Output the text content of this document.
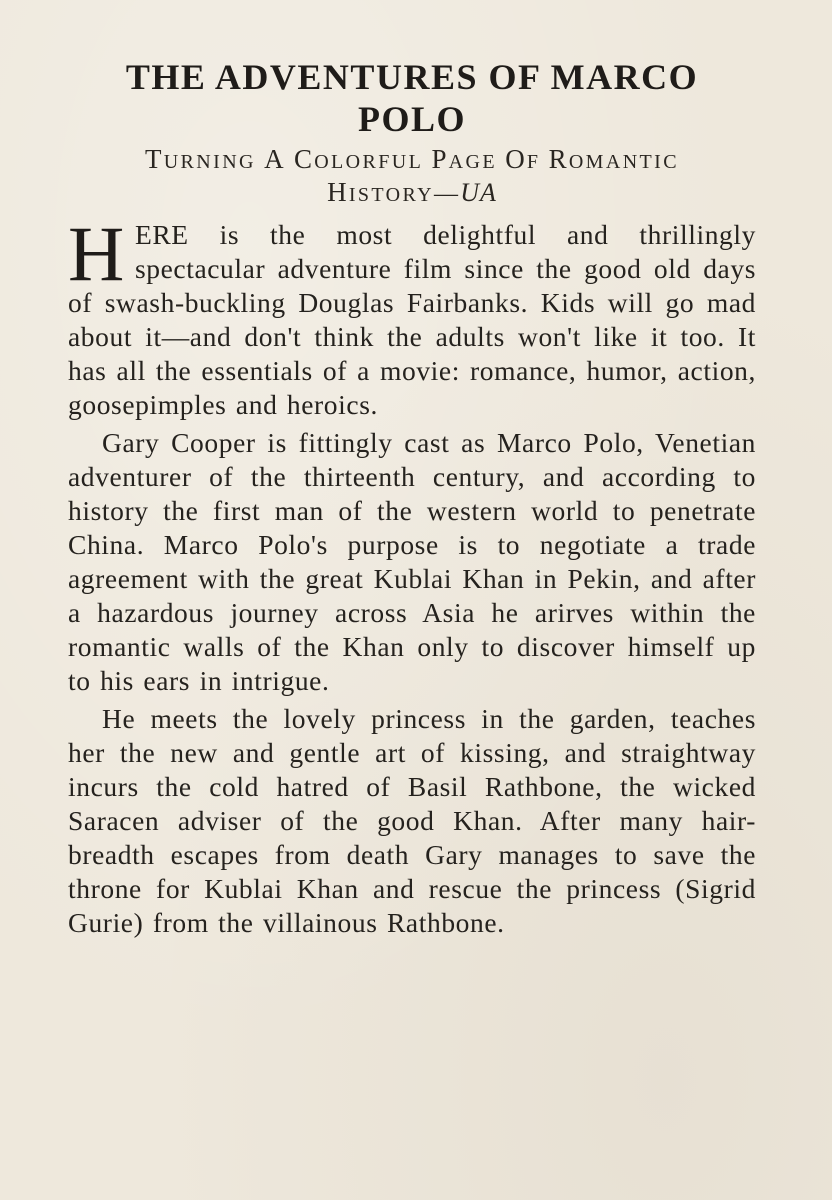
THE ADVENTURES OF MARCO POLO
TURNING A COLORFUL PAGE OF ROMANTIC
HISTORY—UA

HERE is the most delightful and thrillingly spectacular adventure film since the good old days of swash-buckling Douglas Fairbanks. Kids will go mad about it—and don't think the adults won't like it too. It has all the essentials of a movie: romance, humor, action, goosepimples and heroics.

Gary Cooper is fittingly cast as Marco Polo, Venetian adventurer of the thirteenth century, and according to history the first man of the western world to penetrate China. Marco Polo's purpose is to negotiate a trade agreement with the great Kublai Khan in Pekin, and after a hazardous journey across Asia he arirves within the romantic walls of the Khan only to discover himself up to his ears in intrigue.

He meets the lovely princess in the garden, teaches her the new and gentle art of kissing, and straightway incurs the cold hatred of Basil Rathbone, the wicked Saracen adviser of the good Khan. After many hair-breadth escapes from death Gary manages to save the throne for Kublai Khan and rescue the princess (Sigrid Gurie) from the villainous Rathbone.
